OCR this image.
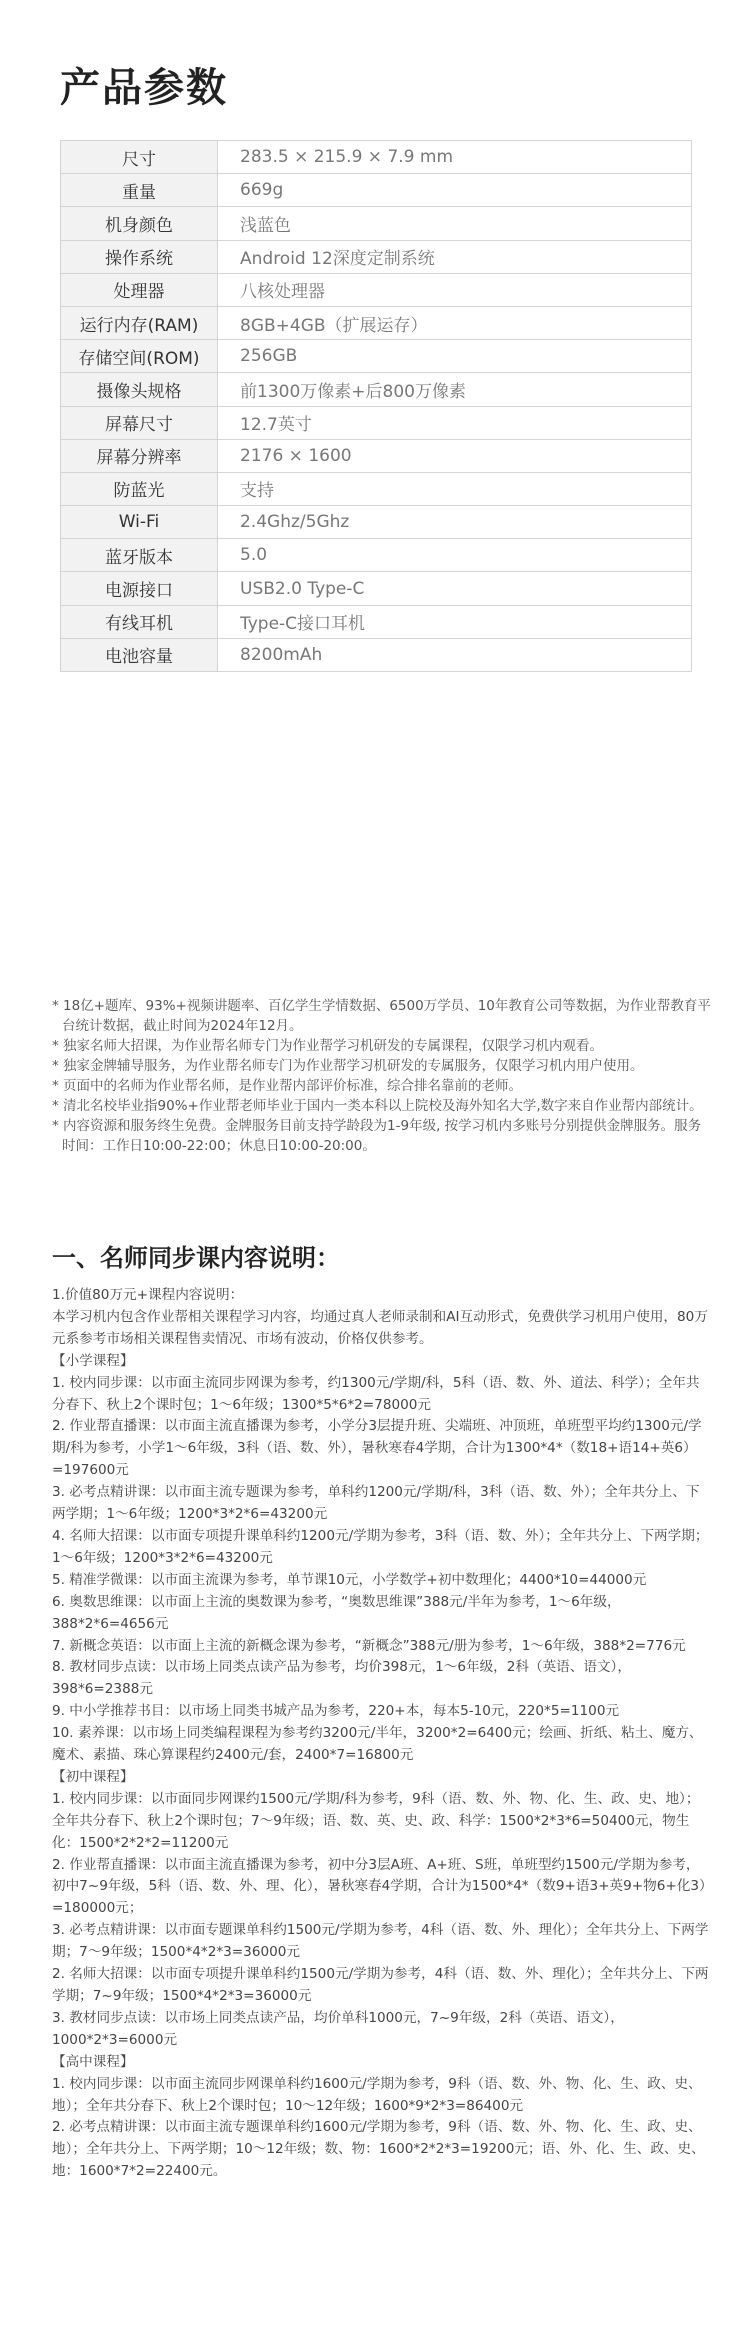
产品参数
尺寸	283.5 × 215.9 × 7.9 mm
重量	669g
机身颜色	浅蓝色
操作系统	Android 12深度定制系统
处理器	八核处理器
运行内存(RAM)	8GB+4GB（扩展运存）
存储空间(ROM)	256GB
摄像头规格	前1300万像素+后800万像素
屏幕尺寸	12.7英寸
屏幕分辨率	2176 × 1600
防蓝光	支持
Wi-Fi	2.4Ghz/5Ghz
蓝牙版本	5.0
电源接口	USB2.0 Type-C
有线耳机	Type-C接口耳机
电池容量	8200mAh
* 18亿+题库、93%+视频讲题率、百亿学生学情数据、6500万学员、10年教育公司等数据，为作业帮教育平台统计数据，截止时间为2024年12月。
* 独家名师大招课，为作业帮名师专门为作业帮学习机研发的专属课程，仅限学习机内观看。
* 独家金牌辅导服务，为作业帮名师专门为作业帮学习机研发的专属服务，仅限学习机内用户使用。
* 页面中的名师为作业帮名师，是作业帮内部评价标准，综合排名靠前的老师。
* 清北名校毕业指90%+作业帮老师毕业于国内一类本科以上院校及海外知名大学,数字来自作业帮内部统计。
* 内容资源和服务终生免费。金牌服务目前支持学龄段为1-9年级, 按学习机内多账号分别提供金牌服务。服务时间：工作日10:00-22:00；休息日10:00-20:00。
一、名师同步课内容说明：

1.价值80万元+课程内容说明：

本学习机内包含作业帮相关课程学习内容，均通过真人老师录制和AI互动形式，免费供学习机用户使用，80万元系参考市场相关课程售卖情况、市场有波动，价格仅供参考。

【小学课程】

1. 校内同步课：以市面主流同步网课为参考，约1300元/学期/科，5科（语、数、外、道法、科学）；全年共分春下、秋上2个课时包；1～6年级；1300*5*6*2=78000元

2. 作业帮直播课：以市面主流直播课为参考，小学分3层提升班、尖端班、冲顶班，单班型平均约1300元/学期/科为参考，小学1～6年级，3科（语、数、外），暑秋寒春4学期，合计为1300*4*（数18+语14+英6）=197600元

3. 必考点精讲课：以市面主流专题课为参考，单科约1200元/学期/科，3科（语、数、外）；全年共分上、下两学期；1～6年级；1200*3*2*6=43200元

4. 名师大招课：以市面专项提升课单科约1200元/学期为参考，3科（语、数、外）；全年共分上、下两学期；1～6年级；1200*3*2*6=43200元

5. 精准学微课：以市面主流课为参考，单节课10元，小学数学+初中数理化；4400*10=44000元

6. 奥数思维课：以市面上主流的奥数课为参考，“奥数思维课”388元/半年为参考，1～6年级，388*2*6=4656元

7. 新概念英语：以市面上主流的新概念课为参考，“新概念”388元/册为参考，1～6年级，388*2=776元

8. 教材同步点读：以市场上同类点读产品为参考，均价398元，1～6年级，2科（英语、语文），398*6=2388元

9. 中小学推荐书目：以市场上同类书城产品为参考，220+本，每本5-10元，220*5=1100元

10. 素养课：以市场上同类编程课程为参考约3200元/半年，3200*2=6400元；绘画、折纸、粘土、魔方、魔术、素描、珠心算课程约2400元/套，2400*7=16800元

【初中课程】

1. 校内同步课：以市面同步网课约1500元/学期/科为参考，9科（语、数、外、物、化、生、政、史、地）；全年共分春下、秋上2个课时包；7～9年级；语、数、英、史、政、科学：1500*2*3*6=50400元，物生化：1500*2*2*2=11200元

2. 作业帮直播课：以市面主流直播课为参考，初中分3层A班、A+班、S班，单班型约1500元/学期为参考，初中7~9年级，5科（语、数、外、理、化），暑秋寒春4学期，合计为1500*4*（数9+语3+英9+物6+化3）=180000元；

3. 必考点精讲课：以市面专题课单科约1500元/学期为参考，4科（语、数、外、理化）；全年共分上、下两学期；7～9年级；1500*4*2*3=36000元

2. 名师大招课：以市面专项提升课单科约1500元/学期为参考，4科（语、数、外、理化）；全年共分上、下两学期；7~9年级；1500*4*2*3=36000元

3. 教材同步点读：以市场上同类点读产品，均价单科1000元，7~9年级，2科（英语、语文），1000*2*3=6000元

【高中课程】

1. 校内同步课：以市面主流同步网课单科约1600元/学期为参考，9科（语、数、外、物、化、生、政、史、地）；全年共分春下、秋上2个课时包；10～12年级；1600*9*2*3=86400元

2. 必考点精讲课：以市面主流专题课单科约1600元/学期为参考，9科（语、数、外、物、化、生、政、史、地）；全年共分上、下两学期；10～12年级；数、物：1600*2*2*3=19200元；语、外、化、生、政、史、地：1600*7*2=22400元。
